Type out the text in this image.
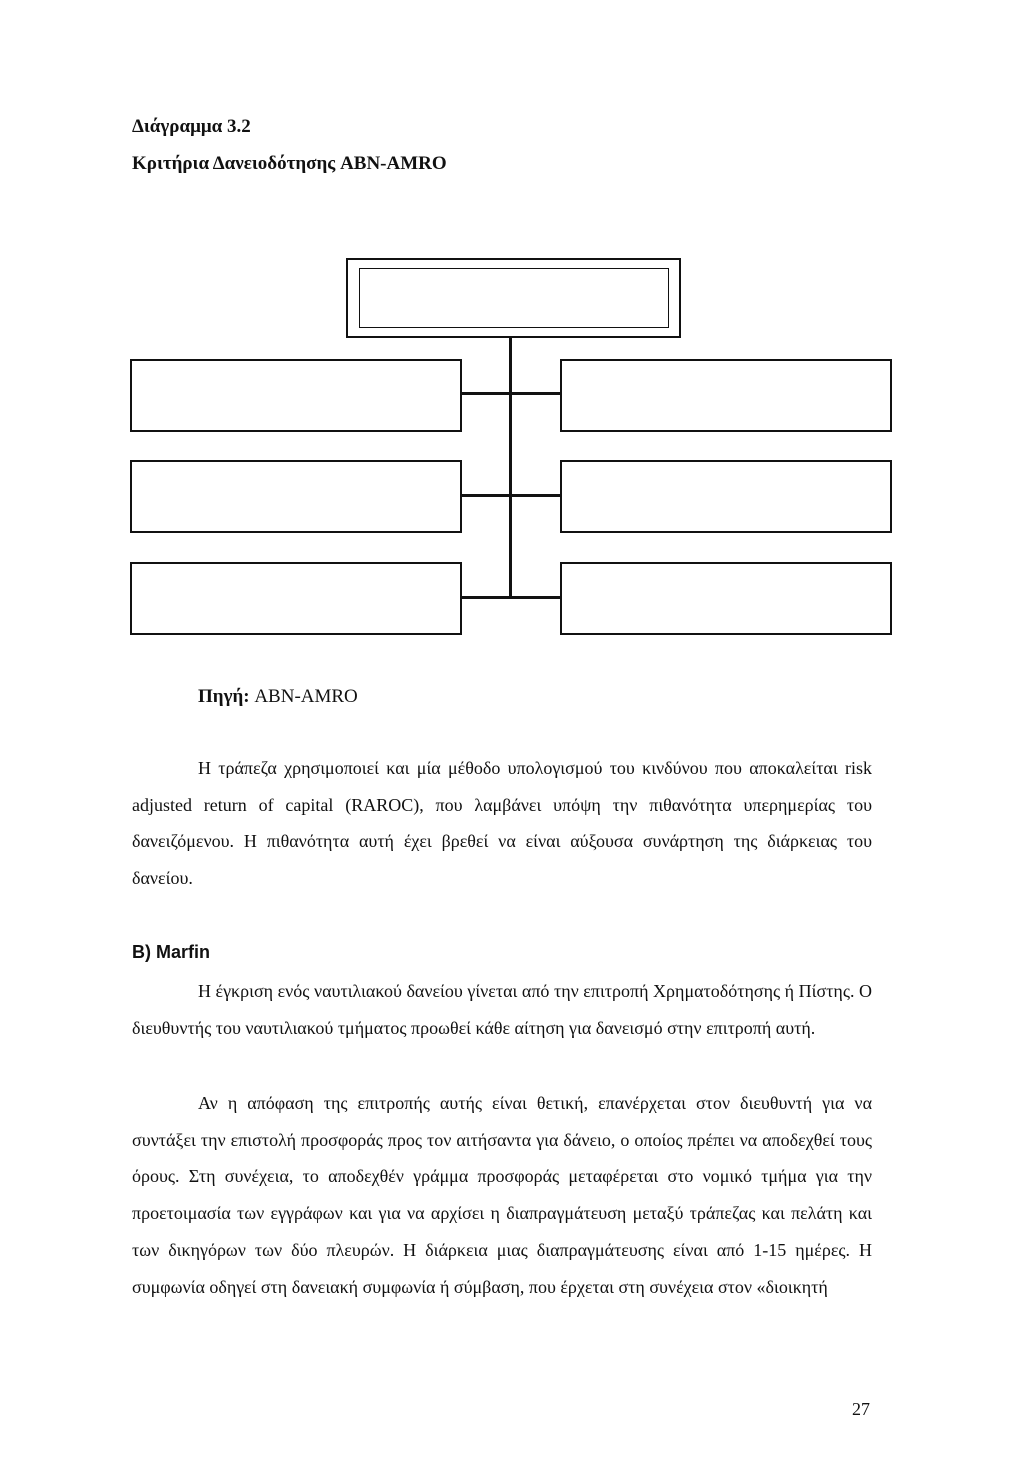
Διάγραμμα 3.2
Κριτήρια Δανειοδότησης ABN-AMRO
Πηγή: ABN-AMRO

Η τράπεζα χρησιμοποιεί και μία μέθοδο υπολογισμού του κινδύνου που αποκαλείται risk adjusted return of capital (RAROC), που λαμβάνει υπόψη την πιθανότητα υπερημερίας του δανειζόμενου. Η πιθανότητα αυτή έχει βρεθεί να είναι αύξουσα συνάρτηση της διάρκειας του δανείου.

B) Marfin

Η έγκριση ενός ναυτιλιακού δανείου γίνεται από την επιτροπή Χρηματοδότησης ή Πίστης. Ο διευθυντής του ναυτιλιακού τμήματος προωθεί κάθε αίτηση για δανεισμό στην επιτροπή αυτή.

Αν η απόφαση της επιτροπής αυτής είναι θετική, επανέρχεται στον διευθυντή για να συντάξει την επιστολή προσφοράς προς τον αιτήσαντα για δάνειο, ο οποίος πρέπει να αποδεχθεί τους όρους. Στη συνέχεια, το αποδεχθέν γράμμα προσφοράς μεταφέρεται στο νομικό τμήμα για την προετοιμασία των εγγράφων και για να αρχίσει η διαπραγμάτευση μεταξύ τράπεζας και πελάτη και των δικηγόρων των δύο πλευρών. Η διάρκεια μιας διαπραγμάτευσης είναι από 1-15 ημέρες. Η συμφωνία οδηγεί στη δανειακή συμφωνία ή σύμβαση, που έρχεται στη συνέχεια στον «διοικητή

27
